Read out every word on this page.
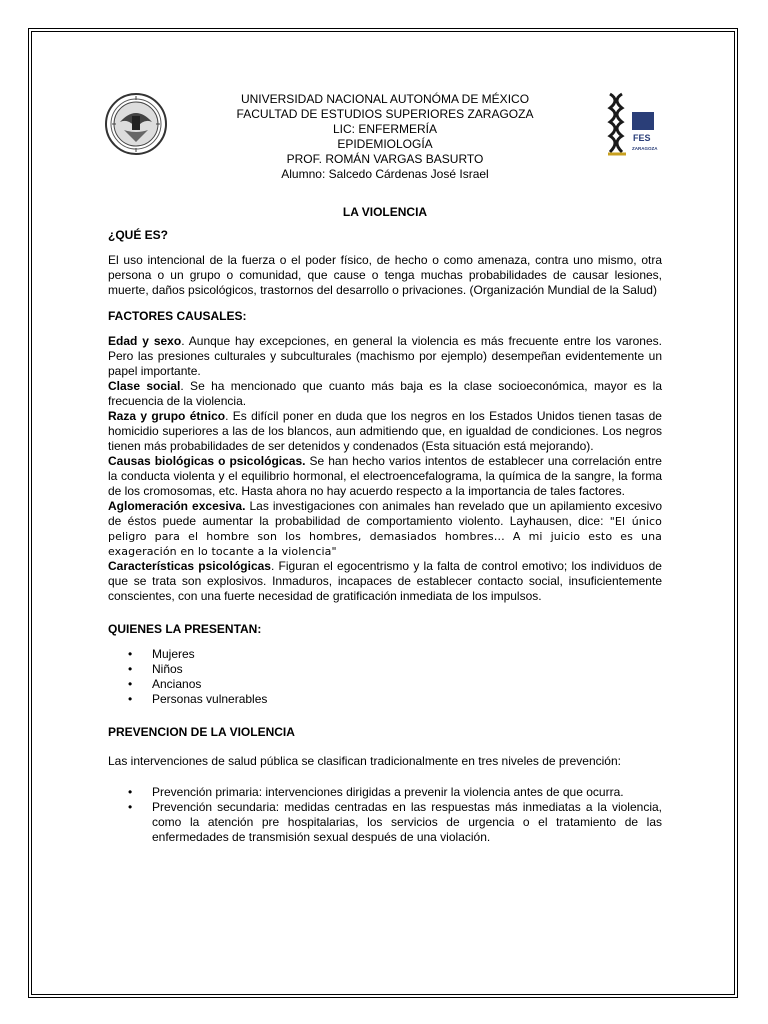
FES
ZARAGOZA
UNIVERSIDAD NACIONAL AUTONÓMA DE MÉXICO
FACULTAD DE ESTUDIOS SUPERIORES ZARAGOZA
LIC: ENFERMERÍA
EPIDEMIOLOGÍA
PROF. ROMÁN VARGAS BASURTO
Alumno: Salcedo Cárdenas José Israel
LA VIOLENCIA
¿QUÉ ES?

El uso intencional de la fuerza o el poder físico, de hecho o como amenaza, contra uno mismo, otra persona o un grupo o comunidad, que cause o tenga muchas probabilidades de causar lesiones, muerte, daños psicológicos, trastornos del desarrollo o privaciones. (Organización Mundial de la Salud)

FACTORES CAUSALES:

Edad y sexo. Aunque hay excepciones, en general la violencia es más frecuente entre los varones. Pero las presiones culturales y subculturales (machismo por ejemplo) desempeñan evidentemente un papel importante.

Clase social. Se ha mencionado que cuanto más baja es la clase socioeconómica, mayor es la frecuencia de la violencia.

Raza y grupo étnico. Es difícil poner en duda que los negros en los Estados Unidos tienen tasas de homicidio superiores a las de los blancos, aun admitiendo que, en igualdad de condiciones. Los negros tienen más probabilidades de ser detenidos y condenados (Esta situación está mejorando).

Causas biológicas o psicológicas. Se han hecho varios intentos de establecer una correlación entre la conducta violenta y el equilibrio hormonal, el electroencefalograma, la química de la sangre, la forma de los cromosomas, etc. Hasta ahora no hay acuerdo respecto a la importancia de tales factores.

Aglomeración excesiva. Las investigaciones con animales han revelado que un apilamiento excesivo de éstos puede aumentar la probabilidad de comportamiento violento. Layhausen, dice: "El único peligro para el hombre son los hombres, demasiados hombres… A mi juicio esto es una exageración en lo tocante a la violencia"

Características psicológicas. Figuran el egocentrismo y la falta de control emotivo; los individuos de que se trata son explosivos. Inmaduros, incapaces de establecer contacto social, insuficientemente conscientes, con una fuerte necesidad de gratificación inmediata de los impulsos.

QUIENES LA PRESENTAN:
• Mujeres
• Niños
• Ancianos
• Personas vulnerables
PREVENCION DE LA VIOLENCIA

Las intervenciones de salud pública se clasifican tradicionalmente en tres niveles de prevención:

• Prevención primaria: intervenciones dirigidas a prevenir la violencia antes de que ocurra.
• Prevención secundaria: medidas centradas en las respuestas más inmediatas a la violencia, como la atención pre hospitalarias, los servicios de urgencia o el tratamiento de las enfermedades de transmisión sexual después de una violación.
